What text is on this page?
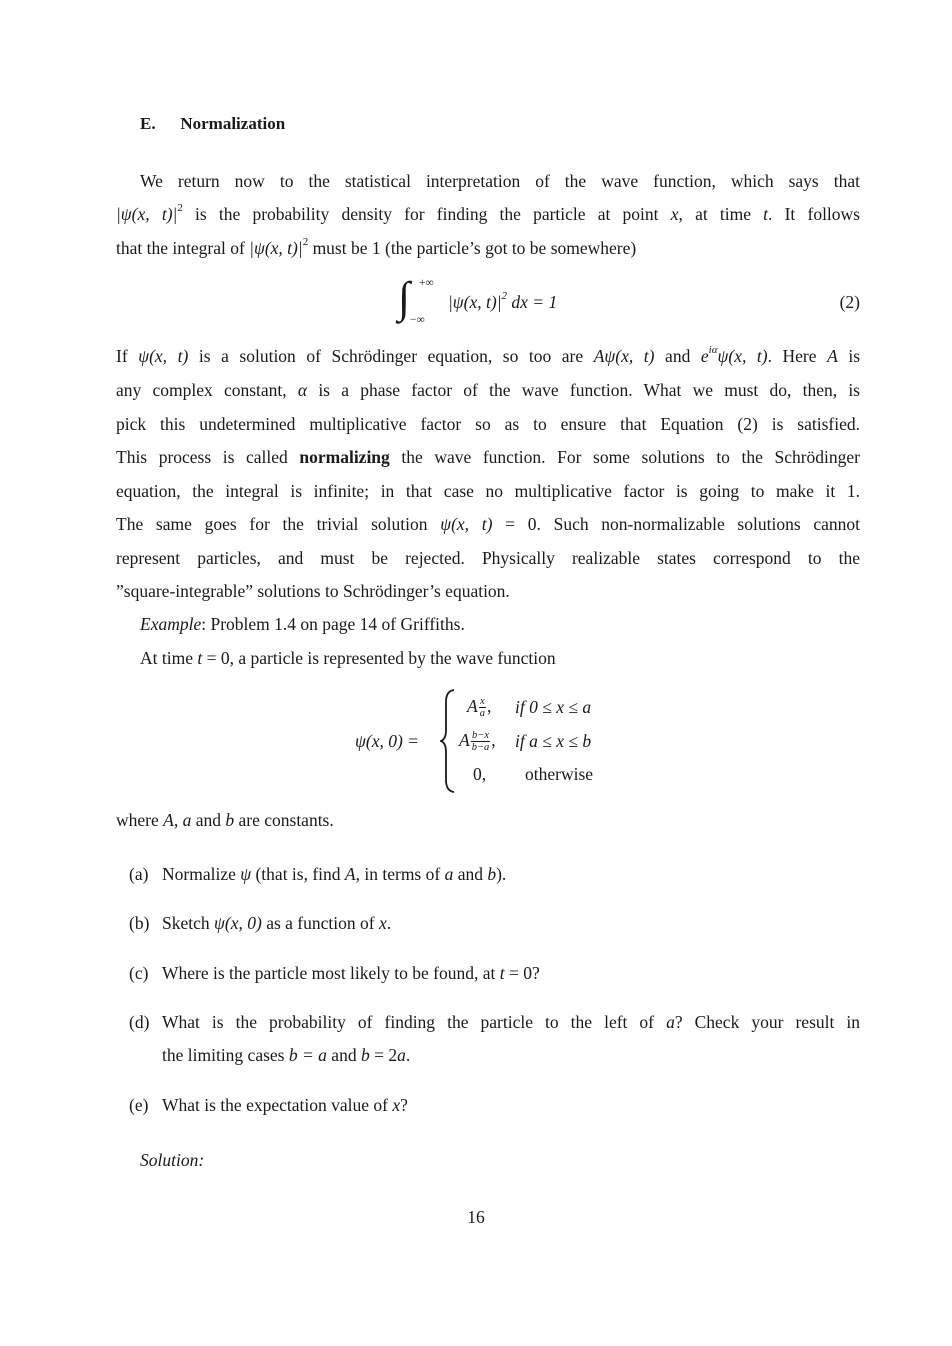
E. Normalization
We return now to the statistical interpretation of the wave function, which says that
|ψ(x, $t)|^2$ is the probability density for finding the particle at point x, at time t. It follows
that the integral of |ψ(x, $t)|^2$ must be 1 (the particle’s got to be somewhere)
∫ +∞
−∞
|ψ(x, $t)|^2$ dx = 1	(2)
If ψ(x, t) is a solution of Schrödinger equation, so too are Aψ(x, t) and $e^{i\alpha}\psi(x$, t). Here A is
any complex constant, α is a phase factor of the wave function. What we must do, then, is
pick this undetermined multiplicative factor so as to ensure that Equation (2) is satisfied.
This process is called normalizing the wave function. For some solutions to the Schrödinger
equation, the integral is infinite; in that case no multiplicative factor is going to make it 1.
The same goes for the trivial solution ψ(x, t) = 0. Such non-normalizable solutions cannot
represent particles, and must be rejected. Physically realizable states correspond to the
”square-integrable” solutions to Schrödinger’s equation.
Example: Problem 1.4 on page 14 of Griffiths.
At time t = 0, a particle is represented by the wave function
ψ(x, 0) =
A $\frac{x}{a}$ , if 0 ≤ x ≤ a
A $\frac{b-x}{b-a}$ , if a ≤ x ≤ b
0, otherwise
where A, a and b are constants.
(a) Normalize ψ (that is, find A, in terms of a and b).
(b) Sketch ψ(x, 0) as a function of x.
(c) Where is the particle most likely to be found, at t = 0?
(d) What is the probability of finding the particle to the left of a? Check your result in
the limiting cases b = a and b = 2a.
(e) What is the expectation value of x?
Solution:
16
